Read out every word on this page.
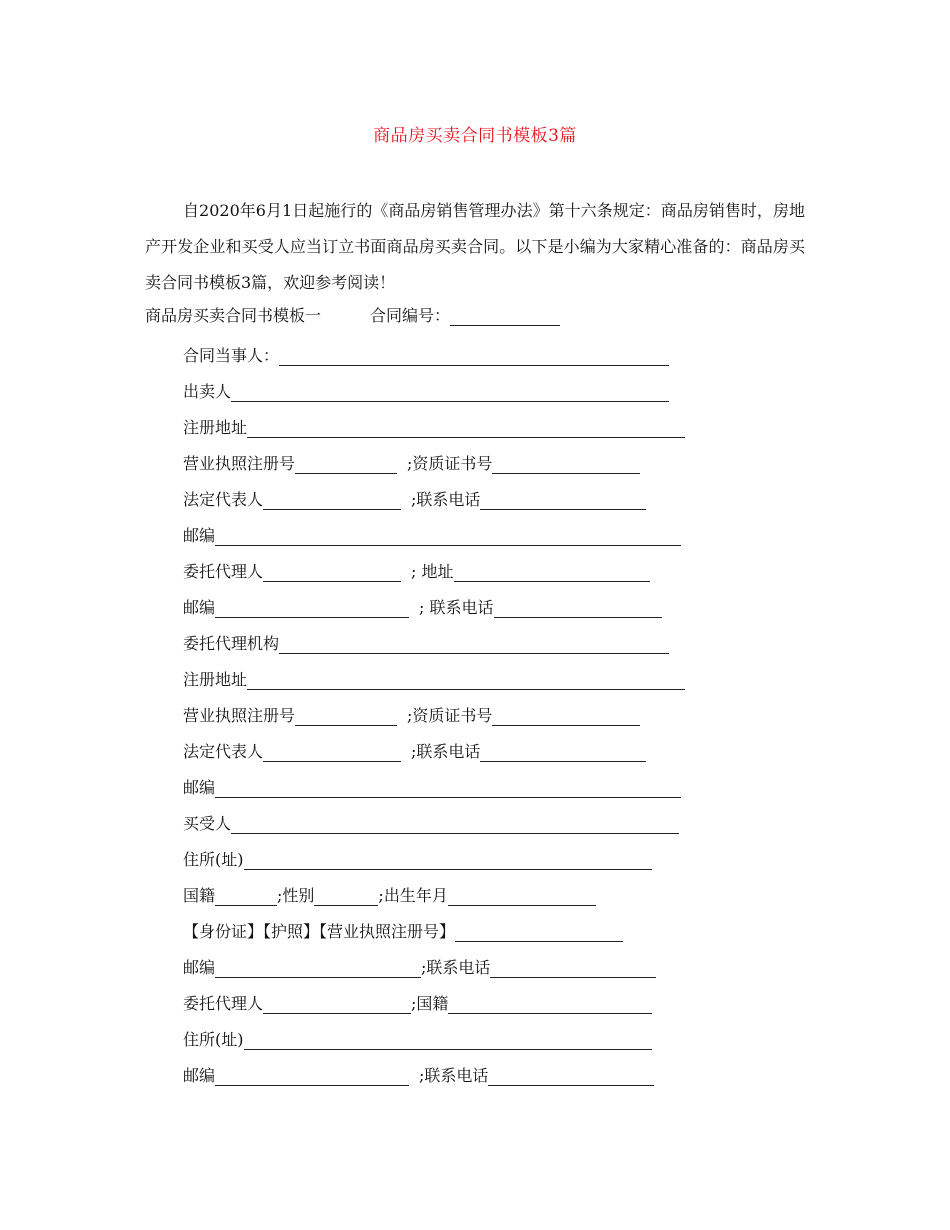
商品房买卖合同书模板3篇
自2020年6月1日起施行的《商品房销售管理办法》第十六条规定：商品房销售时，房地产开发企业和买受人应当订立书面商品房买卖合同。以下是小编为大家精心准备的：商品房买卖合同书模板3篇，欢迎参考阅读！
商品房买卖合同书模板一	合同编号：
合同当事人：
出卖人
注册地址
营业执照注册号	;资质证书号
法定代表人	;联系电话
邮编
委托代理人	; 地址
邮编	; 联系电话
委托代理机构
注册地址
营业执照注册号	;资质证书号
法定代表人	;联系电话
邮编
买受人
住所(址)
国籍	;性别	;出生年月
【身份证】【护照】【营业执照注册号】
邮编	;联系电话
委托代理人	;国籍
住所(址)
邮编	;联系电话
